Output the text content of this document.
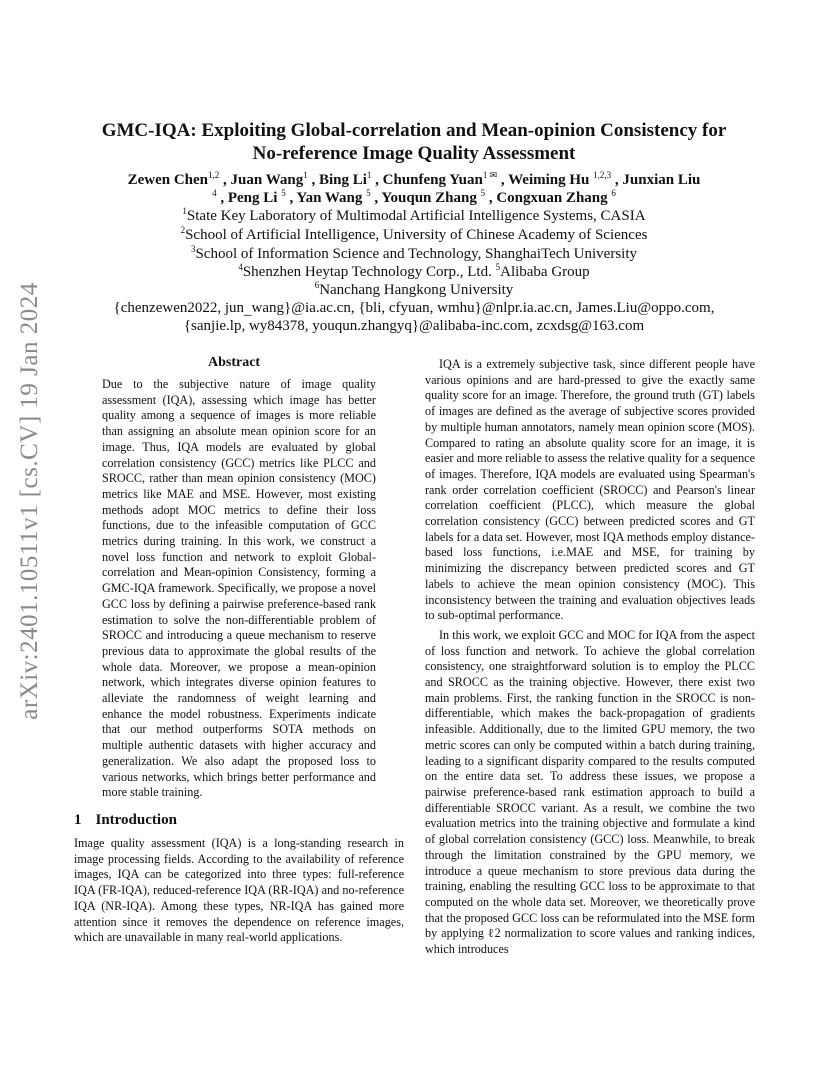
arXiv:2401.10511v1 [cs.CV] 19 Jan 2024
GMC-IQA: Exploiting Global-correlation and Mean-opinion Consistency for
No-reference Image Quality Assessment
Zewen Chen$^{1,2}$ , Juan Wang$^1$ , Bing Li$^1$ , Chunfeng Yuan$^{1 ✉}$ , Weiming Hu $^{1,2,3}$ , Junxian Liu
$^4$ , Peng Li $^5$ , Yan Wang $^5$ , Youqun Zhang $^5$ , Congxuan Zhang $^6$
$^1$State Key Laboratory of Multimodal Artificial Intelligence Systems, CASIA
$^2$School of Artificial Intelligence, University of Chinese Academy of Sciences
$^3$School of Information Science and Technology, ShanghaiTech University
$^4$Shenzhen Heytap Technology Corp., Ltd. $^5$Alibaba Group
$^6$Nanchang Hangkong University
{chenzewen2022, jun_wang}@ia.ac.cn, {bli, cfyuan, wmhu}@nlpr.ia.ac.cn, James.Liu@oppo.com,
{sanjie.lp, wy84378, youqun.zhangyq}@alibaba-inc.com, zcxdsg@163.com
Abstract

Due to the subjective nature of image quality assessment (IQA), assessing which image has better quality among a sequence of images is more reliable than assigning an absolute mean opinion score for an image. Thus, IQA models are evaluated by global correlation consistency (GCC) metrics like PLCC and SROCC, rather than mean opinion consistency (MOC) metrics like MAE and MSE. However, most existing methods adopt MOC metrics to define their loss functions, due to the infeasible computation of GCC metrics during training. In this work, we construct a novel loss function and network to exploit Global-correlation and Mean-opinion Consistency, forming a GMC-IQA framework. Specifically, we propose a novel GCC loss by defining a pairwise preference-based rank estimation to solve the non-differentiable problem of SROCC and introducing a queue mechanism to reserve previous data to approximate the global results of the whole data. Moreover, we propose a mean-opinion network, which integrates diverse opinion features to alleviate the randomness of weight learning and enhance the model robustness. Experiments indicate that our method outperforms SOTA methods on multiple authentic datasets with higher accuracy and generalization. We also adapt the proposed loss to various networks, which brings better performance and more stable training.

1 Introduction

Image quality assessment (IQA) is a long-standing research in image processing fields. According to the availability of reference images, IQA can be categorized into three types: full-reference IQA (FR-IQA), reduced-reference IQA (RR-IQA) and no-reference IQA (NR-IQA). Among these types, NR-IQA has gained more attention since it removes the dependence on reference images, which are unavailable in many real-world applications.

IQA is a extremely subjective task, since different people have various opinions and are hard-pressed to give the exactly same quality score for an image. Therefore, the ground truth (GT) labels of images are defined as the average of subjective scores provided by multiple human annotators, namely mean opinion score (MOS). Compared to rating an absolute quality score for an image, it is easier and more reliable to assess the relative quality for a sequence of images. Therefore, IQA models are evaluated using Spearman's rank order correlation coefficient (SROCC) and Pearson's linear correlation coefficient (PLCC), which measure the global correlation consistency (GCC) between predicted scores and GT labels for a data set. However, most IQA methods employ distance-based loss functions, i.e.MAE and MSE, for training by minimizing the discrepancy between predicted scores and GT labels to achieve the mean opinion consistency (MOC). This inconsistency between the training and evaluation objectives leads to sub-optimal performance.

In this work, we exploit GCC and MOC for IQA from the aspect of loss function and network. To achieve the global correlation consistency, one straightforward solution is to employ the PLCC and SROCC as the training objective. However, there exist two main problems. First, the ranking function in the SROCC is non-differentiable, which makes the back-propagation of gradients infeasible. Additionally, due to the limited GPU memory, the two metric scores can only be computed within a batch during training, leading to a significant disparity compared to the results computed on the entire data set. To address these issues, we propose a pairwise preference-based rank estimation approach to build a differentiable SROCC variant. As a result, we combine the two evaluation metrics into the training objective and formulate a kind of global correlation consistency (GCC) loss. Meanwhile, to break through the limitation constrained by the GPU memory, we introduce a queue mechanism to store previous data during the training, enabling the resulting GCC loss to be approximate to that computed on the whole data set. Moreover, we theoretically prove that the proposed GCC loss can be reformulated into the MSE form by applying ℓ2 normalization to score values and ranking indices, which introduces
